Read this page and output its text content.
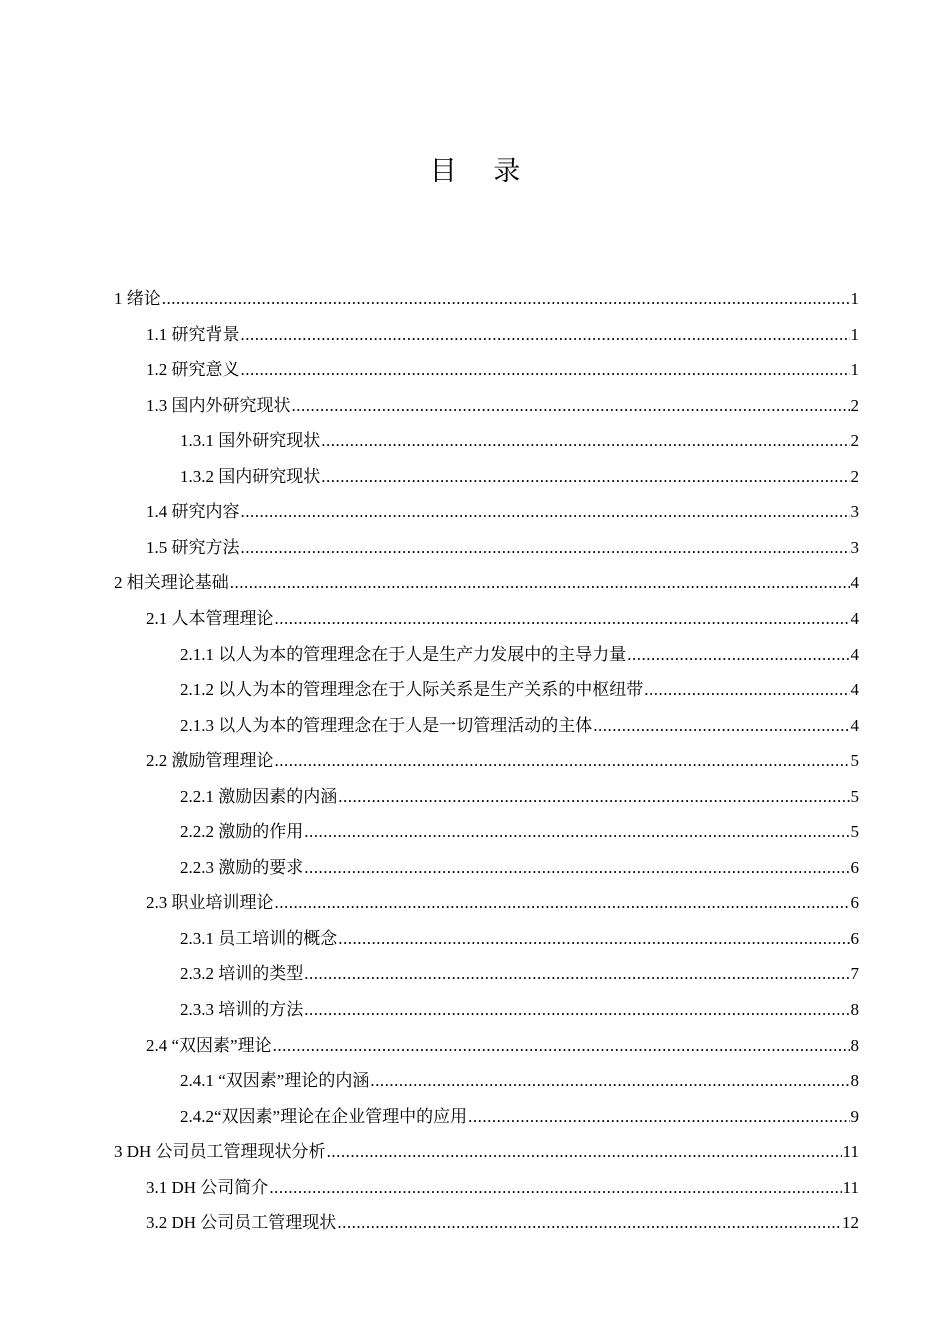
目 录
1 绪论 .....	1
1.1 研究背景 .....	1
1.2 研究意义 .....	1
1.3 国内外研究现状 .....	2
1.3.1 国外研究现状 .....	2
1.3.2 国内研究现状 .....	2
1.4 研究内容 .....	3
1.5 研究方法 .....	3
2 相关理论基础 .....	4
2.1 人本管理理论 .....	4
2.1.1 以人为本的管理理念在于人是生产力发展中的主导力量 .....	4
2.1.2 以人为本的管理理念在于人际关系是生产关系的中枢纽带 .....	4
2.1.3 以人为本的管理理念在于人是一切管理活动的主体 .....	4
2.2 激励管理理论 .....	5
2.2.1 激励因素的内涵 .....	5
2.2.2 激励的作用 .....	5
2.2.3 激励的要求 .....	6
2.3 职业培训理论 .....	6
2.3.1 员工培训的概念 .....	6
2.3.2 培训的类型 .....	7
2.3.3 培训的方法 .....	8
2.4 “双因素”理论 .....	8
2.4.1 “双因素”理论的内涵 .....	8
2.4.2“双因素”理论在企业管理中的应用 .....	9
3 DH 公司员工管理现状分析 .....	11
3.1 DH 公司简介 .....	11
3.2 DH 公司员工管理现状 .....	12
